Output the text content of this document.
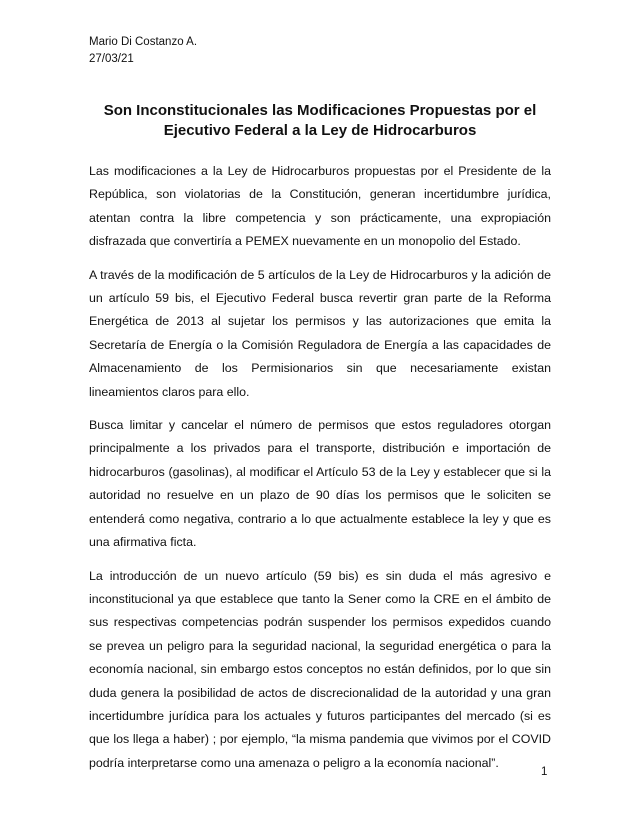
Mario Di Costanzo A.
27/03/21
Son Inconstitucionales las Modificaciones Propuestas por el
Ejecutivo Federal a la Ley de Hidrocarburos

Las modificaciones a la Ley de Hidrocarburos propuestas por el Presidente de la República, son violatorias de la Constitución, generan incertidumbre jurídica, atentan contra la libre competencia y son prácticamente, una expropiación disfrazada que convertiría a PEMEX nuevamente en un monopolio del Estado.

A través de la modificación de 5 artículos de la Ley de Hidrocarburos y la adición de un artículo 59 bis, el Ejecutivo Federal busca revertir gran parte de la Reforma Energética de 2013 al sujetar los permisos y las autorizaciones que emita la Secretaría de Energía o la Comisión Reguladora de Energía a las capacidades de Almacenamiento de los Permisionarios sin que necesariamente existan lineamientos claros para ello.

Busca limitar y cancelar el número de permisos que estos reguladores otorgan principalmente a los privados para el transporte, distribución e importación de hidrocarburos (gasolinas), al modificar el Artículo 53 de la Ley y establecer que si la autoridad no resuelve en un plazo de 90 días los permisos que le soliciten se entenderá como negativa, contrario a lo que actualmente establece la ley y que es una afirmativa ficta.

La introducción de un nuevo artículo (59 bis) es sin duda el más agresivo e inconstitucional ya que establece que tanto la Sener como la CRE en el ámbito de sus respectivas competencias podrán suspender los permisos expedidos cuando se prevea un peligro para la seguridad nacional, la seguridad energética o para la economía nacional, sin embargo estos conceptos no están definidos, por lo que sin duda genera la posibilidad de actos de discrecionalidad de la autoridad y una gran incertidumbre jurídica para los actuales y futuros participantes del mercado (si es que los llega a haber) ; por ejemplo, “la misma pandemia que vivimos por el COVID podría interpretarse como una amenaza o peligro a la economía nacional”.

1
